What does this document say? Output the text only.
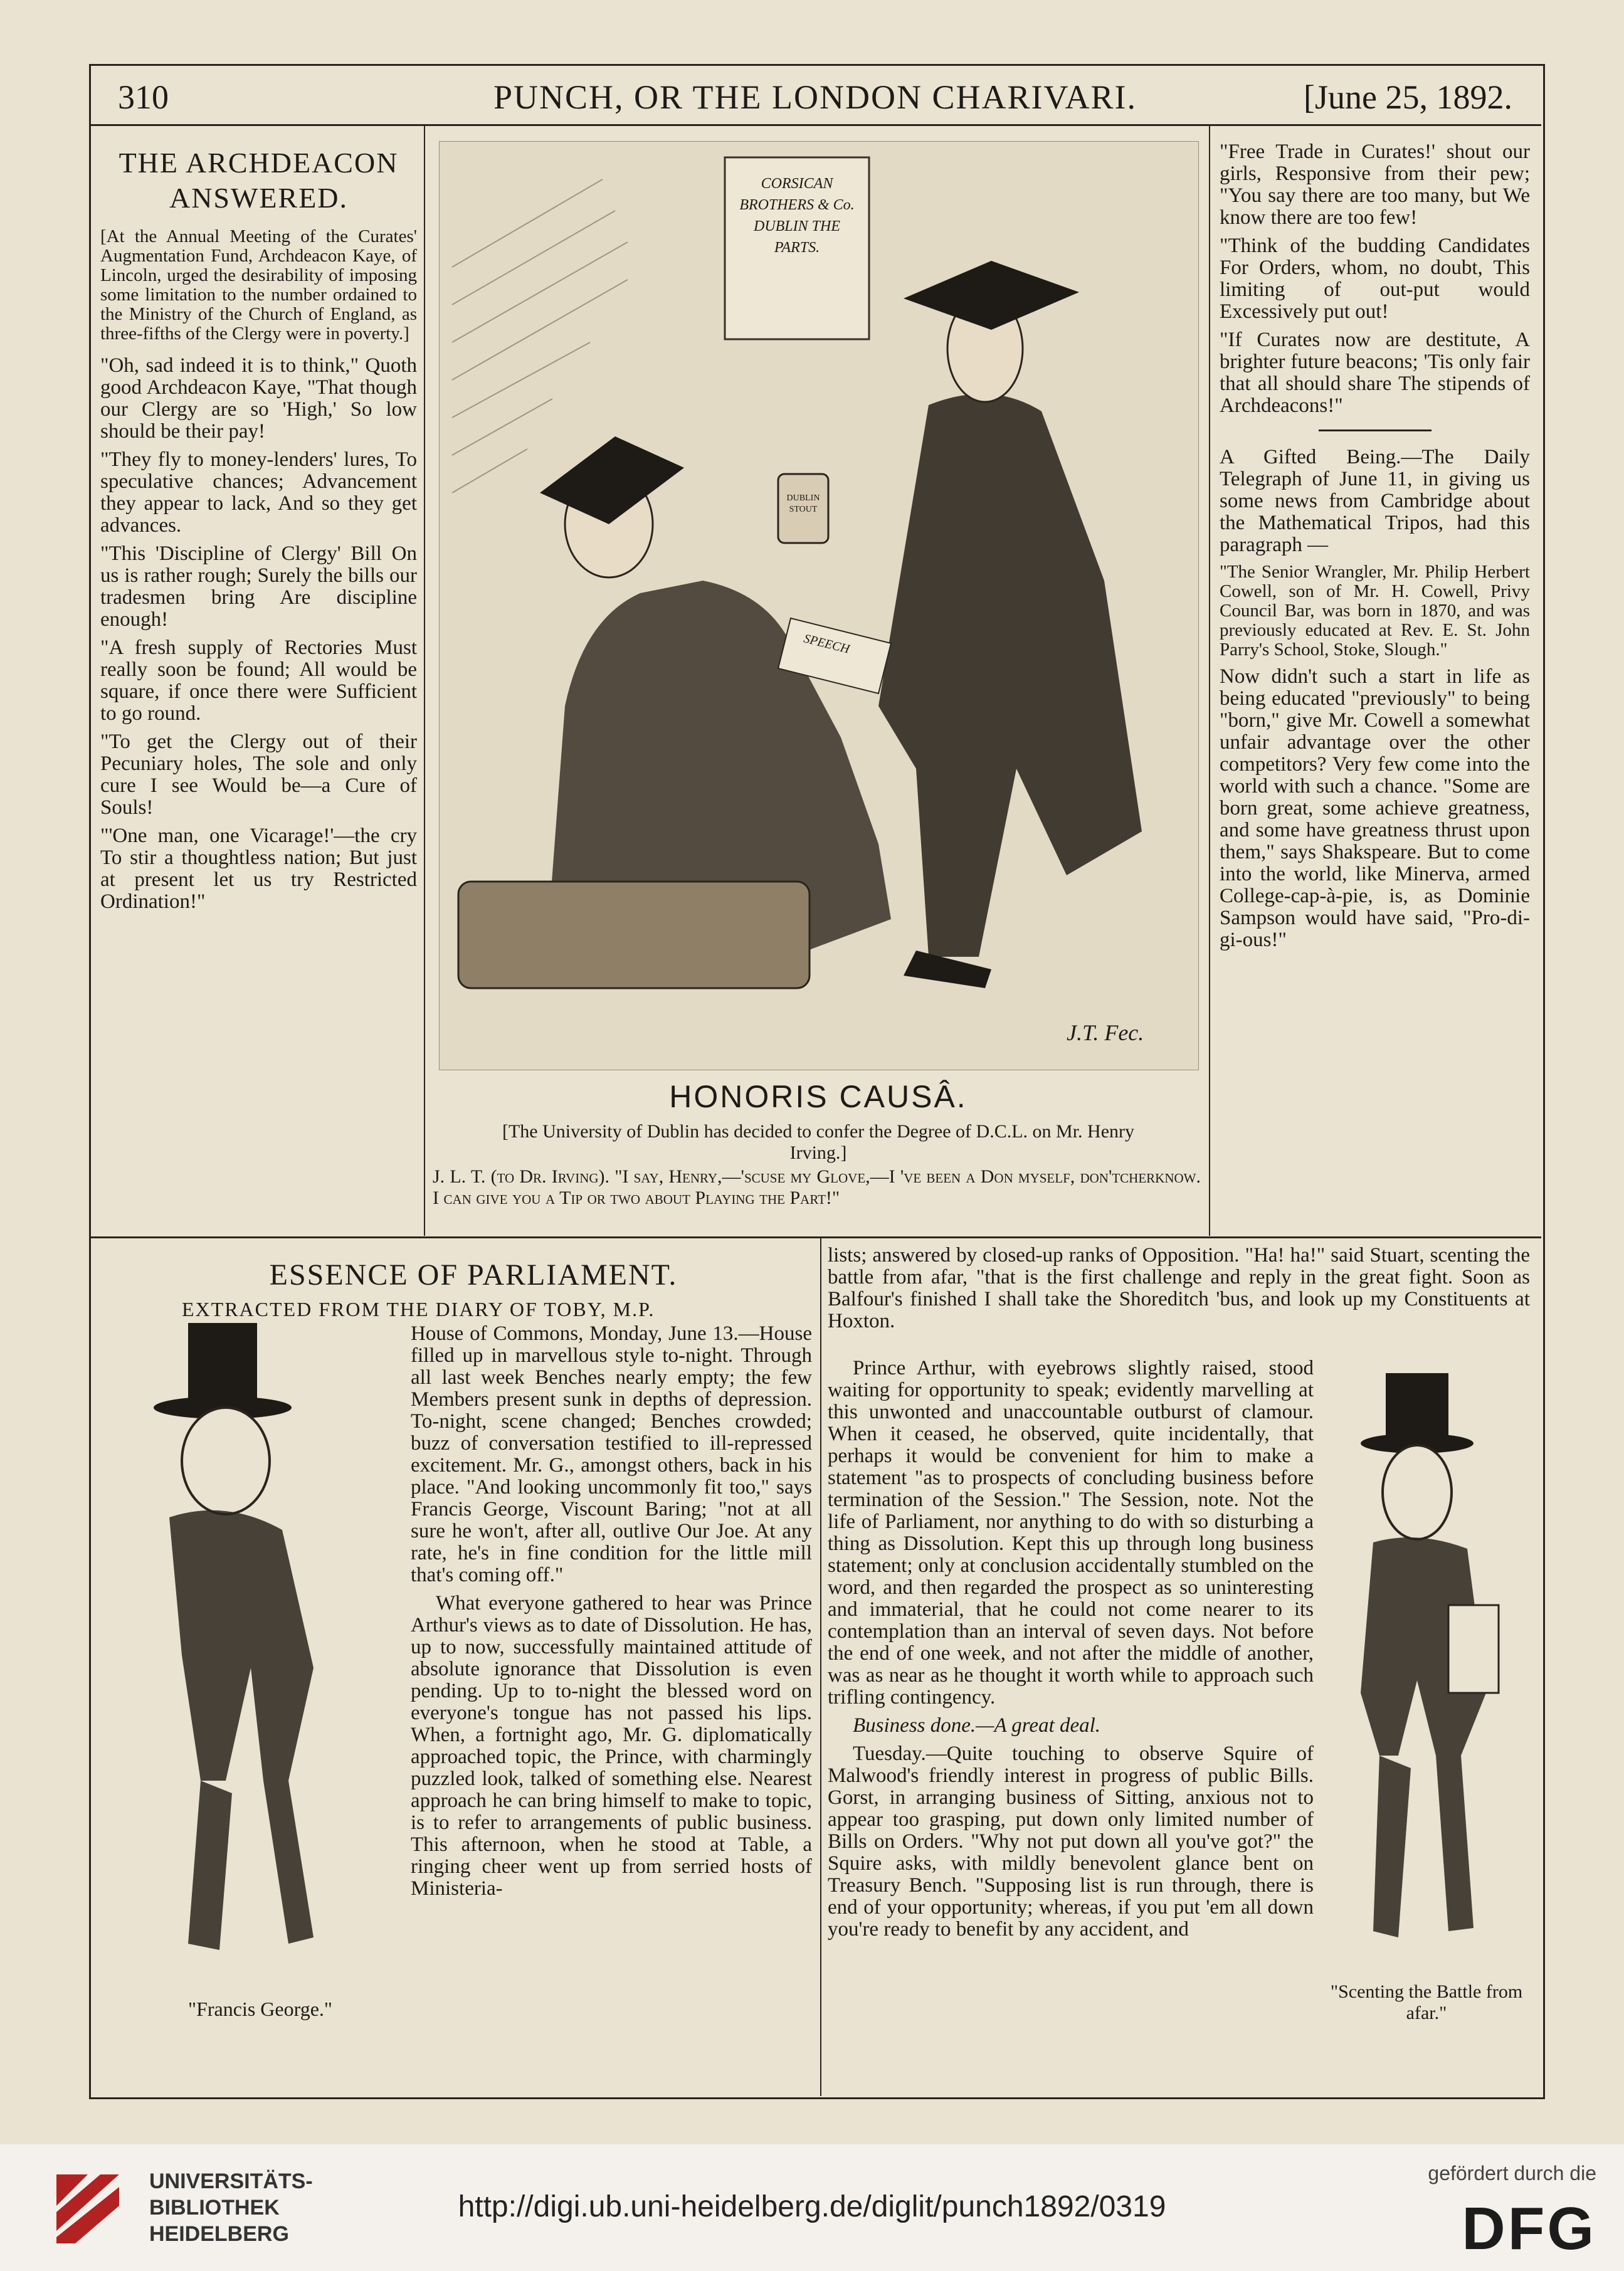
310	PUNCH, OR THE LONDON CHARIVARI.	[June 25, 1892.
THE ARCHDEACON ANSWERED.

[At the Annual Meeting of the Curates' Augmentation Fund, Archdeacon Kaye, of Lincoln, urged the desirability of imposing some limitation to the number ordained to the Ministry of the Church of England, as three-fifths of the Clergy were in poverty.]

"Oh, sad indeed it is to think," Quoth good Archdeacon Kaye, "That though our Clergy are so 'High,' So low should be their pay!

"They fly to money-lenders' lures, To speculative chances; Advancement they appear to lack, And so they get advances.

"This 'Discipline of Clergy' Bill On us is rather rough; Surely the bills our tradesmen bring Are discipline enough!

"A fresh supply of Rectories Must really soon be found; All would be square, if once there were Sufficient to go round.

"To get the Clergy out of their Pecuniary holes, The sole and only cure I see Would be—a Cure of Souls!

"'One man, one Vicarage!'—the cry To stir a thoughtless nation; But just at present let us try Restricted Ordination!"

CORSICAN BROTHERS & Co. DUBLIN THE PARTS.
DUBLIN STOUT
SPEECH
J.T. Fec.
HONORIS CAUSÂ.
[The University of Dublin has decided to confer the Degree of D.C.L. on Mr. Henry Irving.]
J. L. T. (to Dr. Irving). "I say, Henry,—'scuse my Glove,—I 've been a Don myself, don'tcherknow. I can give you a Tip or two about Playing the Part!"

"Free Trade in Curates!' shout our girls, Responsive from their pew; "You say there are too many, but We know there are too few!

"Think of the budding Candidates For Orders, whom, no doubt, This limiting of out-put would Excessively put out!

"If Curates now are destitute, A brighter future beacons; 'Tis only fair that all should share The stipends of Archdeacons!"

A Gifted Being.—The Daily Telegraph of June 11, in giving us some news from Cambridge about the Mathematical Tripos, had this paragraph —

"The Senior Wrangler, Mr. Philip Herbert Cowell, son of Mr. H. Cowell, Privy Council Bar, was born in 1870, and was previously educated at Rev. E. St. John Parry's School, Stoke, Slough."

Now didn't such a start in life as being educated "previously" to being "born," give Mr. Cowell a somewhat unfair advantage over the other competitors? Very few come into the world with such a chance. "Some are born great, some achieve greatness, and some have greatness thrust upon them," says Shakspeare. But to come into the world, like Minerva, armed College-cap-à-pie, is, as Dominie Sampson would have said, "Pro-di-gi-ous!"

ESSENCE OF PARLIAMENT.
EXTRACTED FROM THE DIARY OF TOBY, M.P.
"Francis George."

House of Commons, Monday, June 13.—House filled up in marvellous style to-night. Through all last week Benches nearly empty; the few Members present sunk in depths of depression. To-night, scene changed; Benches crowded; buzz of conversation testified to ill-repressed excitement. Mr. G., amongst others, back in his place. "And looking uncommonly fit too," says Francis George, Viscount Baring; "not at all sure he won't, after all, outlive Our Joe. At any rate, he's in fine condition for the little mill that's coming off."

What everyone gathered to hear was Prince Arthur's views as to date of Dissolution. He has, up to now, successfully maintained attitude of absolute ignorance that Dissolution is even pending. Up to to-night the blessed word on everyone's tongue has not passed his lips. When, a fortnight ago, Mr. G. diplomatically approached topic, the Prince, with charmingly puzzled look, talked of something else. Nearest approach he can bring himself to make to topic, is to refer to arrangements of public business. This afternoon, when he stood at Table, a ringing cheer went up from serried hosts of Ministeria-

lists; answered by closed-up ranks of Opposition. "Ha! ha!" said Stuart, scenting the battle from afar, "that is the first challenge and reply in the great fight. Soon as Balfour's finished I shall take the Shoreditch 'bus, and look up my Constituents at Hoxton.

Prince Arthur, with eyebrows slightly raised, stood waiting for opportunity to speak; evidently marvelling at this unwonted and unaccountable outburst of clamour. When it ceased, he observed, quite incidentally, that perhaps it would be convenient for him to make a statement "as to prospects of concluding business before termination of the Session." The Session, note. Not the life of Parliament, nor anything to do with so disturbing a thing as Dissolution. Kept this up through long business statement; only at conclusion accidentally stumbled on the word, and then regarded the prospect as so uninteresting and immaterial, that he could not come nearer to its contemplation than an interval of seven days. Not before the end of one week, and not after the middle of another, was as near as he thought it worth while to approach such trifling contingency.

Business done.—A great deal.

Tuesday.—Quite touching to observe Squire of Malwood's friendly interest in progress of public Bills. Gorst, in arranging business of Sitting, anxious not to appear too grasping, put down only limited number of Bills on Orders. "Why not put down all you've got?" the Squire asks, with mildly benevolent glance bent on Treasury Bench. "Supposing list is run through, there is end of your opportunity; whereas, if you put 'em all down you're ready to benefit by any accident, and

"Scenting the Battle from afar."
UNIVERSITÄTS-
BIBLIOTHEK
HEIDELBERG
http://digi.ub.uni-heidelberg.de/diglit/punch1892/0319
gefördert durch die
DFG
